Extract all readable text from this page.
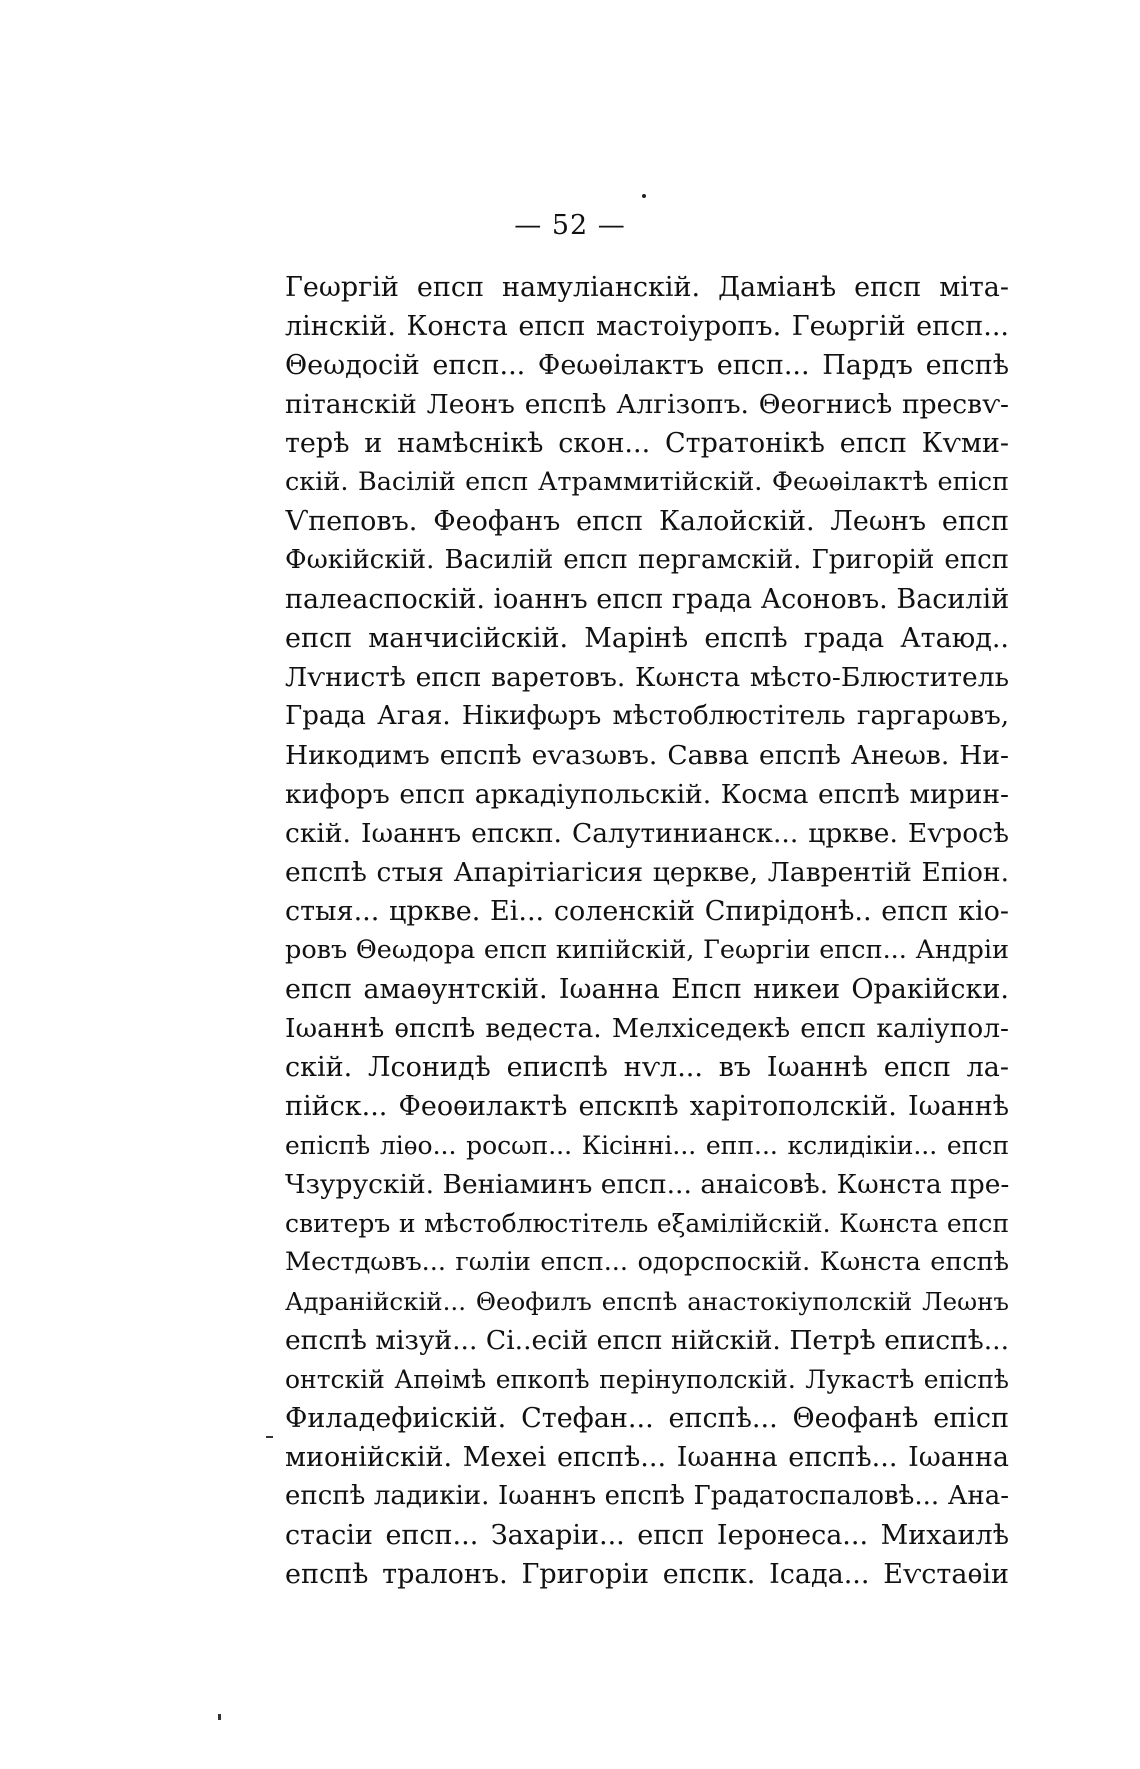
— 52 —
Геωргій епсп намуліанскій. Даміанѣ епсп міта-
лінскій. Конста епсп мастоіуропъ. Геωргій епсп...
Θеωдосій епсп... Феωѳілактъ епсп... Пардъ епспѣ
пітанскій Леонъ епспѣ Алгізопъ. Θеогнисѣ пресвѵ-
терѣ и намѣснікѣ скон... Стратонікѣ епсп Кѵми-
скій. Васілій епсп Атраммитійскій. Феωѳілактѣ епісп
Ѵпеповъ. Феофанъ епсп Калойскій. Леωнъ епсп
Фωкійскій. Василій епсп пергамскій. Григорій епсп
палеаспоскій. іоаннъ епсп града Асоновъ. Василій
епсп манчисійскій. Марінѣ епспѣ града Атаюд..
Лѵнистѣ епсп варетовъ. Кωнста мѣсто-Блюститель
Града Агая. Нікифωръ мѣстоблюстітель гаргарωвъ,
Никодимъ епспѣ еѵазωвъ. Савва епспѣ Анеωв. Ни-
кифоръ епсп аркадіупольскій. Косма епспѣ мирин-
скій. Іωаннъ епскп. Салутинианск... цркве. Еѵросѣ
епспѣ стыя Апарітіагісия церкве, Лаврентій Епіон.
стыя... цркве. Еі... соленскій Спирідонѣ.. епсп кіо-
ровъ Θеωдора епсп кипійскій, Геωргіи епсп... Андріи
епсп амаѳунтскій. Іωанна Епсп никеи Оракійски.
Іωаннѣ ѳпспѣ ведеста. Мелхіседекѣ епсп каліупол-
скій. Лсонидѣ еписпѣ нѵл... въ Іωаннѣ епсп ла-
пійск... Феоѳилактѣ епскпѣ харітополскій. Іωаннѣ
епіспѣ ліѳо... росωп... Кісінні... епп... кслидікіи... епсп
Чзурускій. Веніаминъ епсп... анаісовѣ. Кωнста пре-
свитеръ и мѣстоблюстітель еξамілійскій. Кωнста епсп
Местдωвъ... гωліи епсп... одорспоскій. Кωнста епспѣ
Адранійскій... Θеофилъ епспѣ анастокіуполскій Леωнъ
епспѣ мізуй... Сі..есій епсп нійскій. Петрѣ еписпѣ...
онтскій Апѳімѣ епкопѣ перінуполскій. Лукастѣ епіспѣ
Филадефиіскій. Стефан... епспѣ... Θеофанѣ епісп
мионійскій. Мехеі епспѣ... Іωанна епспѣ... Іωанна
епспѣ ладикіи. Іωаннъ епспѣ Градатоспаловѣ... Ана-
стасіи епсп... Захаріи... епсп Іеронеса... Михаилѣ
епспѣ тралонъ. Григоріи епспк. Ісада... Еѵстаѳіи
